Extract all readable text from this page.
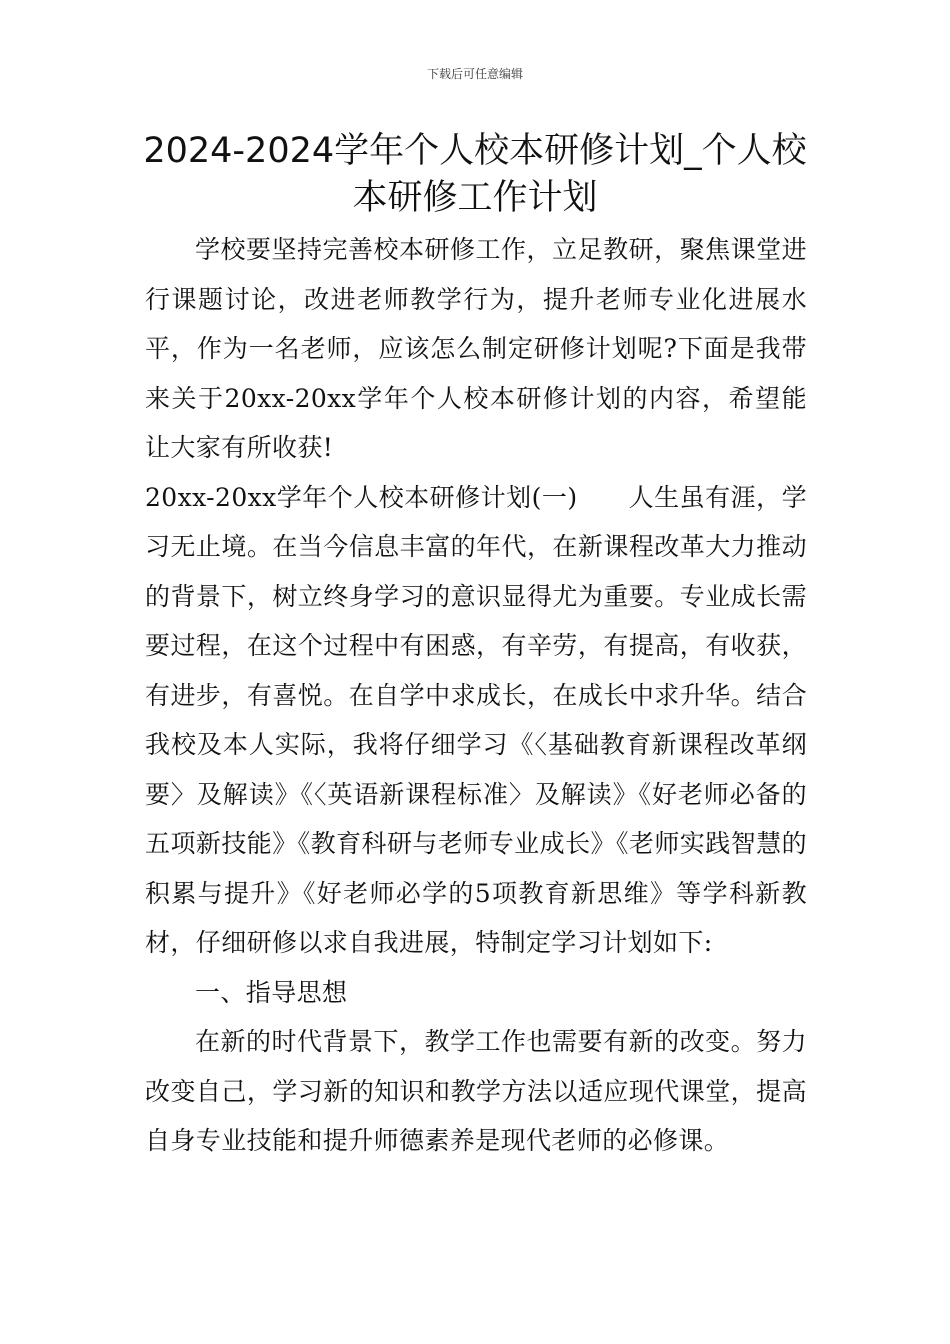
下载后可任意编辑
2024-2024学年个人校本研修计划_个人校本研修工作计划

学校要坚持完善校本研修工作，立足教研，聚焦课堂进行课题讨论，改进老师教学行为，提升老师专业化进展水平，作为一名老师，应该怎么制定研修计划呢?下面是我带来关于20xx-20xx学年个人校本研修计划的内容，希望能让大家有所收获!

20xx-20xx学年个人校本研修计划(一)　　人生虽有涯，学习无止境。在当今信息丰富的年代，在新课程改革大力推动的背景下，树立终身学习的意识显得尤为重要。专业成长需要过程，在这个过程中有困惑，有辛劳，有提高，有收获，有进步，有喜悦。在自学中求成长，在成长中求升华。结合我校及本人实际，我将仔细学习《〈基础教育新课程改革纲要〉及解读》《〈英语新课程标准〉及解读》《好老师必备的五项新技能》《教育科研与老师专业成长》《老师实践智慧的积累与提升》《好老师必学的5项教育新思维》等学科新教材，仔细研修以求自我进展，特制定学习计划如下:

一、指导思想

在新的时代背景下，教学工作也需要有新的改变。努力改变自己，学习新的知识和教学方法以适应现代课堂，提高自身专业技能和提升师德素养是现代老师的必修课。
